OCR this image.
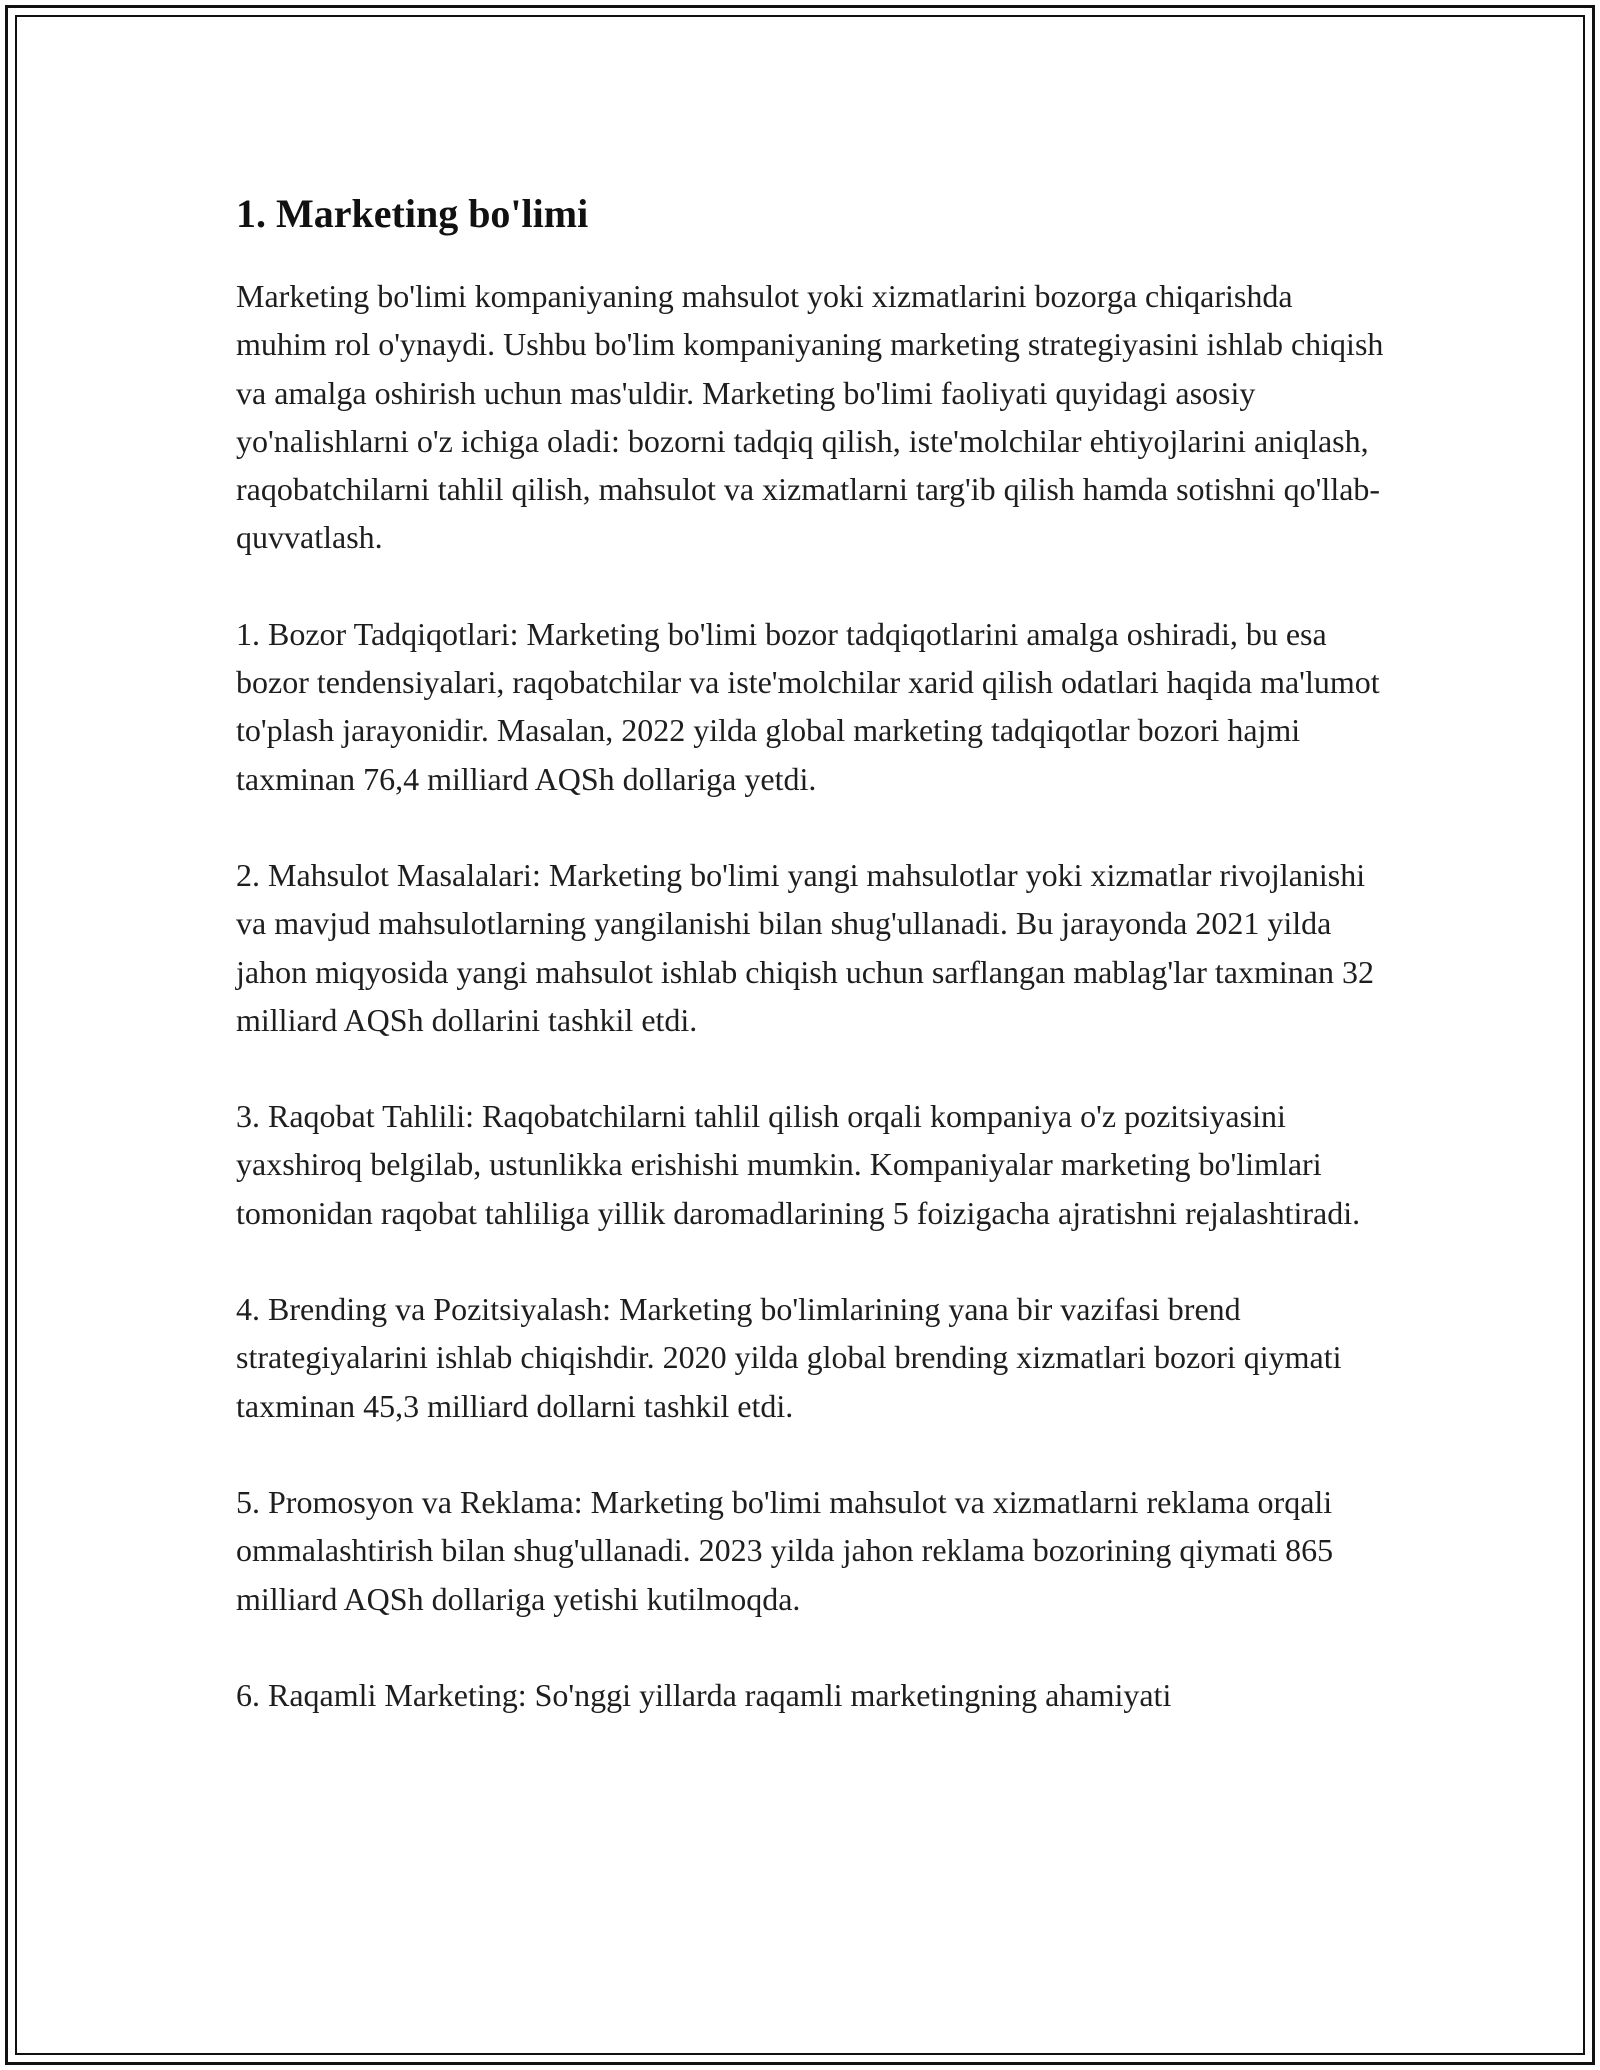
1. Marketing bo'limi

Marketing bo'limi kompaniyaning mahsulot yoki xizmatlarini bozorga chiqarishda muhim rol o'ynaydi. Ushbu bo'lim kompaniyaning marketing strategiyasini ishlab chiqish va amalga oshirish uchun mas'uldir. Marketing bo'limi faoliyati quyidagi asosiy yo'nalishlarni o'z ichiga oladi: bozorni tadqiq qilish, iste'molchilar ehtiyojlarini aniqlash, raqobatchilarni tahlil qilish, mahsulot va xizmatlarni targ'ib qilish hamda sotishni qo'llab-quvvatlash.

1. Bozor Tadqiqotlari: Marketing bo'limi bozor tadqiqotlarini amalga oshiradi, bu esa bozor tendensiyalari, raqobatchilar va iste'molchilar xarid qilish odatlari haqida ma'lumot to'plash jarayonidir. Masalan, 2022 yilda global marketing tadqiqotlar bozori hajmi taxminan 76,4 milliard AQSh dollariga yetdi.

2. Mahsulot Masalalari: Marketing bo'limi yangi mahsulotlar yoki xizmatlar rivojlanishi va mavjud mahsulotlarning yangilanishi bilan shug'ullanadi. Bu jarayonda 2021 yilda jahon miqyosida yangi mahsulot ishlab chiqish uchun sarflangan mablag'lar taxminan 32 milliard AQSh dollarini tashkil etdi.

3. Raqobat Tahlili: Raqobatchilarni tahlil qilish orqali kompaniya o'z pozitsiyasini yaxshiroq belgilab, ustunlikka erishishi mumkin. Kompaniyalar marketing bo'limlari tomonidan raqobat tahliliga yillik daromadlarining 5 foizigacha ajratishni rejalashtiradi.

4. Brending va Pozitsiyalash: Marketing bo'limlarining yana bir vazifasi brend strategiyalarini ishlab chiqishdir. 2020 yilda global brending xizmatlari bozori qiymati taxminan 45,3 milliard dollarni tashkil etdi.

5. Promosyon va Reklama: Marketing bo'limi mahsulot va xizmatlarni reklama orqali ommalashtirish bilan shug'ullanadi. 2023 yilda jahon reklama bozorining qiymati 865 milliard AQSh dollariga yetishi kutilmoqda.

6. Raqamli Marketing: So'nggi yillarda raqamli marketingning ahamiyati
